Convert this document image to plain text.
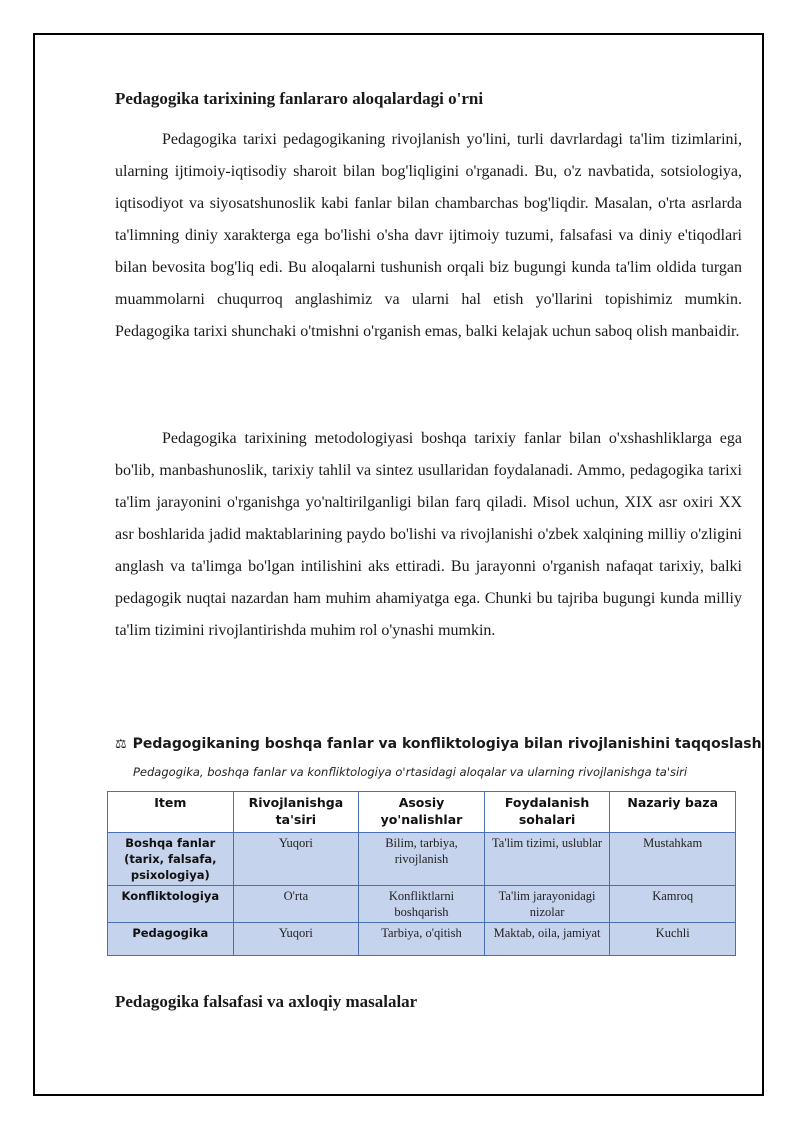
Pedagogika tarixining fanlararo aloqalardagi o'rni

Pedagogika tarixi pedagogikaning rivojlanish yo'lini, turli davrlardagi ta'lim tizimlarini, ularning ijtimoiy-iqtisodiy sharoit bilan bog'liqligini o'rganadi. Bu, o'z navbatida, sotsiologiya, iqtisodiyot va siyosatshunoslik kabi fanlar bilan chambarchas bog'liqdir. Masalan, o'rta asrlarda ta'limning diniy xarakterga ega bo'lishi o'sha davr ijtimoiy tuzumi, falsafasi va diniy e'tiqodlari bilan bevosita bog'liq edi. Bu aloqalarni tushunish orqali biz bugungi kunda ta'lim oldida turgan muammolarni chuqurroq anglashimiz va ularni hal etish yo'llarini topishimiz mumkin. Pedagogika tarixi shunchaki o'tmishni o'rganish emas, balki kelajak uchun saboq olish manbaidir.

Pedagogika tarixining metodologiyasi boshqa tarixiy fanlar bilan o'xshashliklarga ega bo'lib, manbashunoslik, tarixiy tahlil va sintez usullaridan foydalanadi. Ammo, pedagogika tarixi ta'lim jarayonini o'rganishga yo'naltirilganligi bilan farq qiladi. Misol uchun, XIX asr oxiri XX asr boshlarida jadid maktablarining paydo bo'lishi va rivojlanishi o'zbek xalqining milliy o'zligini anglash va ta'limga bo'lgan intilishini aks ettiradi. Bu jarayonni o'rganish nafaqat tarixiy, balki pedagogik nuqtai nazardan ham muhim ahamiyatga ega. Chunki bu tajriba bugungi kunda milliy ta'lim tizimini rivojlantirishda muhim rol o'ynashi mumkin.

⚖ Pedagogikaning boshqa fanlar va konfliktologiya bilan rivojlanishini taqqoslash
Pedagogika, boshqa fanlar va konfliktologiya o'rtasidagi aloqalar va ularning rivojlanishga ta'siri
Item	Rivojlanishga ta'siri	Asosiy yo'nalishlar	Foydalanish sohalari	Nazariy baza
Boshqa fanlar (tarix, falsafa, psixologiya)	Yuqori	Bilim, tarbiya, rivojlanish	Ta'lim tizimi, uslublar	Mustahkam
Konfliktologiya	O'rta	Konfliktlarni boshqarish	Ta'lim jarayonidagi nizolar	Kamroq
Pedagogika	Yuqori	Tarbiya, o'qitish	Maktab, oila, jamiyat	Kuchli
Pedagogika falsafasi va axloqiy masalalar
